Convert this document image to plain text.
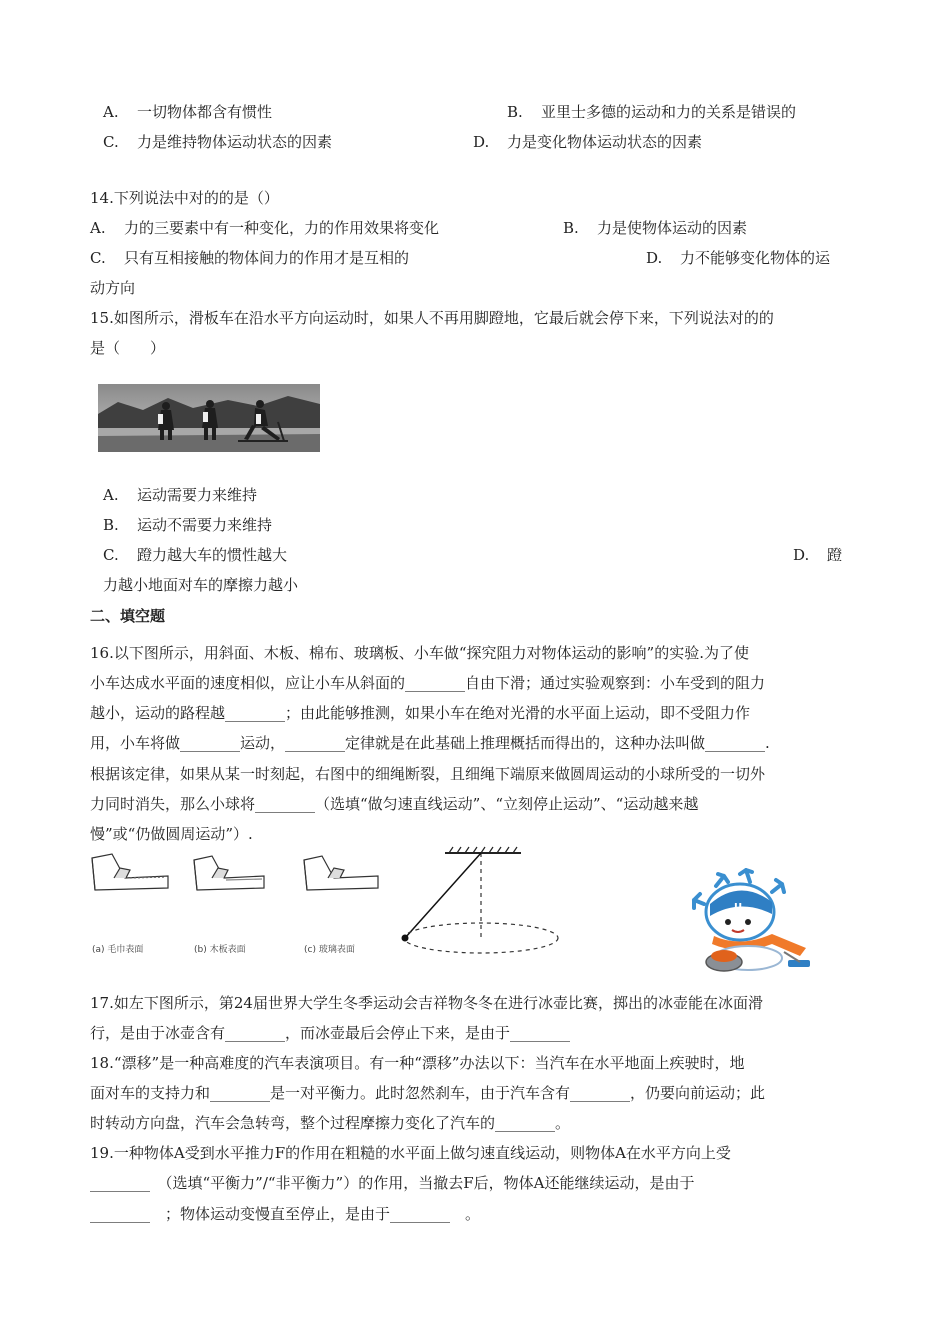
A. 一切物体都含有惯性	B. 亚里士多德的运动和力的关系是错误的
C. 力是维持物体运动状态的因素	D. 力是变化物体运动状态的因素
14.下列说法中对的的是（）
A. 力的三要素中有一种变化，力的作用效果将变化	B. 力是使物体运动的因素
C. 只有互相接触的物体间力的作用才是互相的	D. 力不能够变化物体的运
动方向
15.如图所示，滑板车在沿水平方向运动时，如果人不再用脚蹬地，它最后就会停下来，下列说法对的的
是（　　）
A. 运动需要力来维持
B. 运动不需要力来维持
C. 蹬力越大车的惯性越大	D. 蹬
力越小地面对车的摩擦力越小
二、填空题
16.以下图所示，用斜面、木板、棉布、玻璃板、小车做“探究阻力对物体运动的影响”的实验.为了使
小车达成水平面的速度相似，应让小车从斜面的________自由下滑；通过实验观察到：小车受到的阻力
越小，运动的路程越________；由此能够推测，如果小车在绝对光滑的水平面上运动，即不受阻力作
用，小车将做________运动，________定律就是在此基础上推理概括而得出的，这种办法叫做________.
根据该定律，如果从某一时刻起，右图中的细绳断裂，且细绳下端原来做圆周运动的小球所受的一切外
力同时消失，那么小球将________（选填“做匀速直线运动”、“立刻停止运动”、“运动越来越
慢”或“仍做圆周运动”）.
(a) 毛巾表面	(b) 木板表面	(c) 玻璃表面
U
17.如左下图所示，第24届世界大学生冬季运动会吉祥物冬冬在进行冰壶比赛，掷出的冰壶能在冰面滑
行，是由于冰壶含有________，而冰壶最后会停止下来，是由于________
18.“漂移”是一种高难度的汽车表演项目。有一种“漂移”办法以下：当汽车在水平地面上疾驶时，地
面对车的支持力和________是一对平衡力。此时忽然刹车，由于汽车含有________，仍要向前运动；此
时转动方向盘，汽车会急转弯，整个过程摩擦力变化了汽车的________。
19.一种物体A受到水平推力F的作用在粗糙的水平面上做匀速直线运动，则物体A在水平方向上受
________　（选填“平衡力”/“非平衡力”）的作用，当撤去F后，物体A还能继续运动，是由于
________　；物体运动变慢直至停止，是由于________　。
